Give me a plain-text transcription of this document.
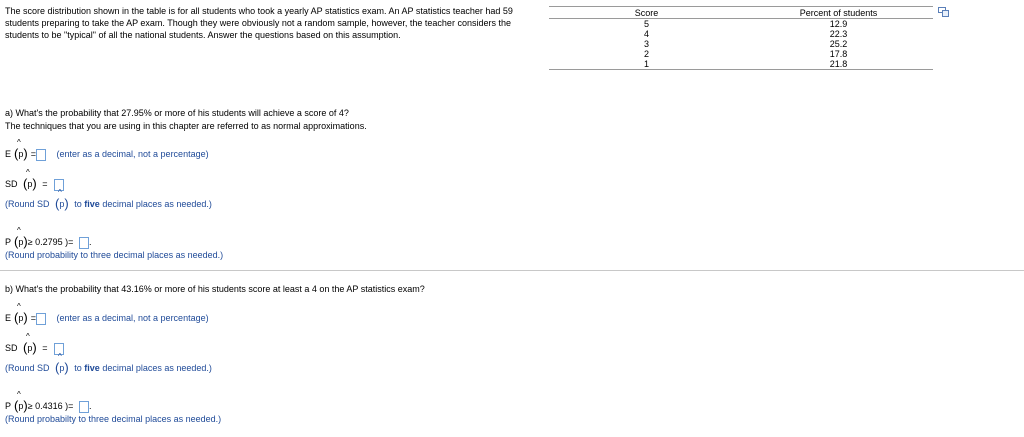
The score distribution shown in the table is for all students who took a yearly AP statistics exam. An AP statistics teacher had 59 students preparing to take the AP exam. Though they were obviously not a random sample, however, the teacher considers the students to be "typical" of all the national students. Answer the questions based on this assumption.
Score	Percent of students
5	12.9
4	22.3
3	25.2
2	17.8
1	21.8
a) What's the probability that 27.95% or more of his students will achieve a score of 4?
The techniques that you are using in this chapter are referred to as normal approximations.
E
( ^
p ) = (enter as a decimal, not a percentage)
SD
( ^
p ) =
(Round SD
( ^
p ) to five decimal places as needed.)
P
( ^
p ) ≥ 0.2795 )= .
(Round probability to three decimal places as needed.)
b) What's the probability that 43.16% or more of his students score at least a 4 on the AP statistics exam?
E
( ^
p ) = (enter as a decimal, not a percentage)
SD
( ^
p ) =
(Round SD
( ^
p ) to five decimal places as needed.)
P
( ^
p ) ≥ 0.4316 )= .
(Round probabilty to three decimal places as needed.)
